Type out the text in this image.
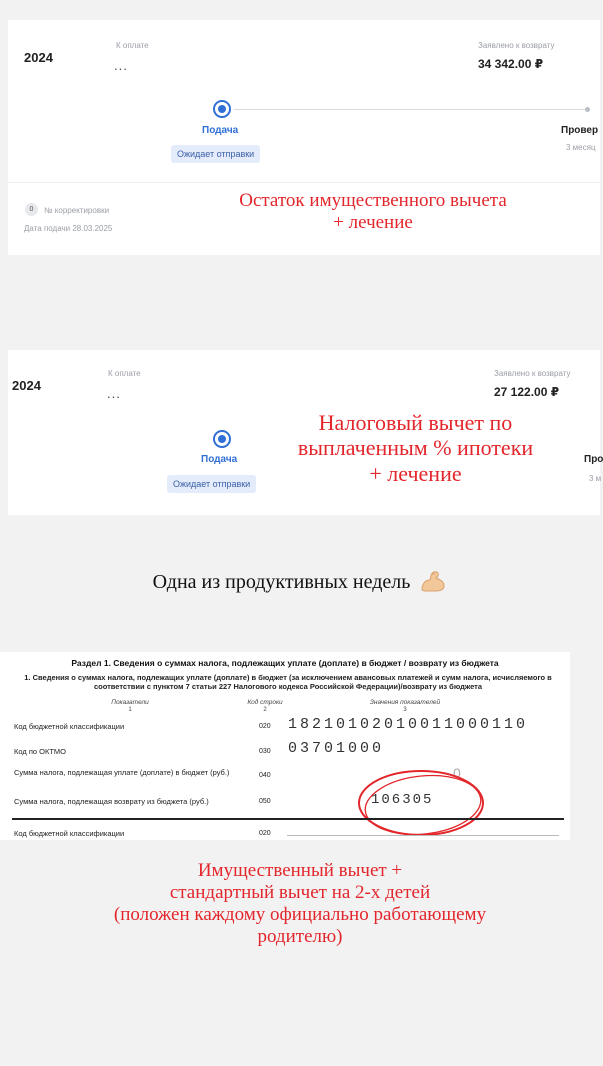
2024
К оплате
...
Заявлено к возврату
34 342.00 ₽
Подача	Провер
3 месяц
Ожидает отправки
0	№ корректировки
Дата подачи 28.03.2025
Остаток имущественного вычета
+ лечение
2024
К оплате
...
Заявлено к возврату
27 122.00 ₽
Подача	Про
3 м
Ожидает отправки
Налоговый вычет по
выплаченным % ипотеки
+ лечение
Одна из продуктивных недель
Раздел 1. Сведения о суммах налога, подлежащих уплате (доплате) в бюджет / возврату из бюджета
1. Сведения о суммах налога, подлежащих уплате (доплате) в бюджет (за исключением авансовых платежей и сумм налога, исчисляемого в соответствии с пунктом 7 статьи 227 Налогового кодекса Российской Федерации)/возврату из бюджета
Показатели
1
Код строки
2
Значения показателей
3
Код бюджетной классификации	020 18210102010011000110
Код по ОКТМО	030 03701000
Сумма налога, подлежащая уплате (доплате) в бюджет (руб.)	040	0
Сумма налога, подлежащая возврату из бюджета (руб.)	050	106305
Код бюджетной классификации	020
Имущественный вычет +
стандартный вычет на 2-х детей
(положен каждому официально работающему
родителю)
